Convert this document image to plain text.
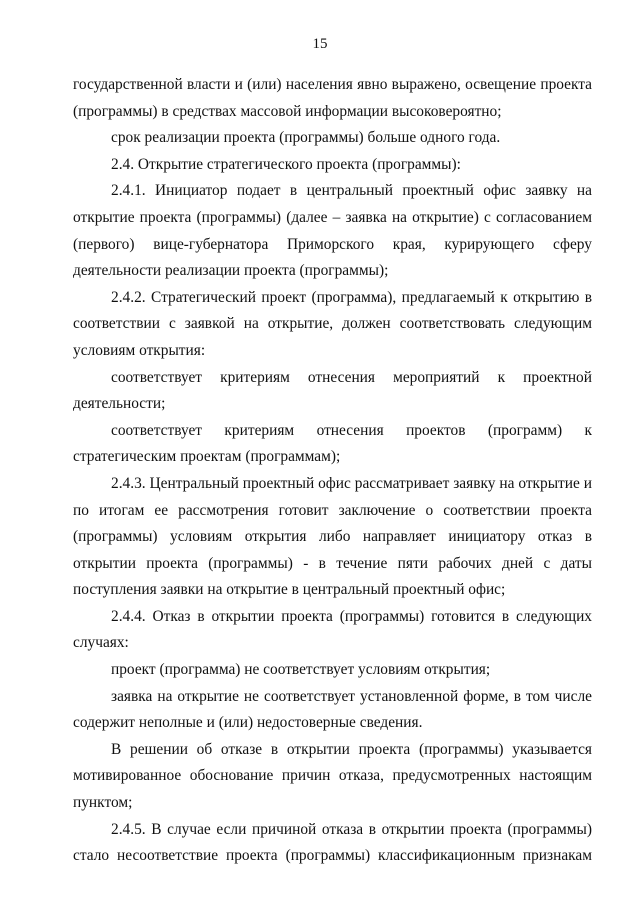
15

государственной власти и (или) населения явно выражено, освещение проекта (программы) в средствах массовой информации высоковероятно;

срок реализации проекта (программы) больше одного года.

2.4. Открытие стратегического проекта (программы):

2.4.1. Инициатор подает в центральный проектный офис заявку на открытие проекта (программы) (далее – заявка на открытие) с согласованием (первого) вице-губернатора Приморского края, курирующего сферу деятельности реализации проекта (программы);

2.4.2. Стратегический проект (программа), предлагаемый к открытию в соответствии с заявкой на открытие, должен соответствовать следующим условиям открытия:

соответствует критериям отнесения мероприятий к проектной деятельности;

соответствует критериям отнесения проектов (программ) к стратегическим проектам (программам);

2.4.3. Центральный проектный офис рассматривает заявку на открытие и по итогам ее рассмотрения готовит заключение о соответствии проекта (программы) условиям открытия либо направляет инициатору отказ в открытии проекта (программы) - в течение пяти рабочих дней с даты поступления заявки на открытие в центральный проектный офис;

2.4.4. Отказ в открытии проекта (программы) готовится в следующих случаях:

проект (программа) не соответствует условиям открытия;

заявка на открытие не соответствует установленной форме, в том числе содержит неполные и (или) недостоверные сведения.

В решении об отказе в открытии проекта (программы) указывается мотивированное обоснование причин отказа, предусмотренных настоящим пунктом;

2.4.5. В случае если причиной отказа в открытии проекта (программы) стало несоответствие проекта (программы) классификационным признакам
